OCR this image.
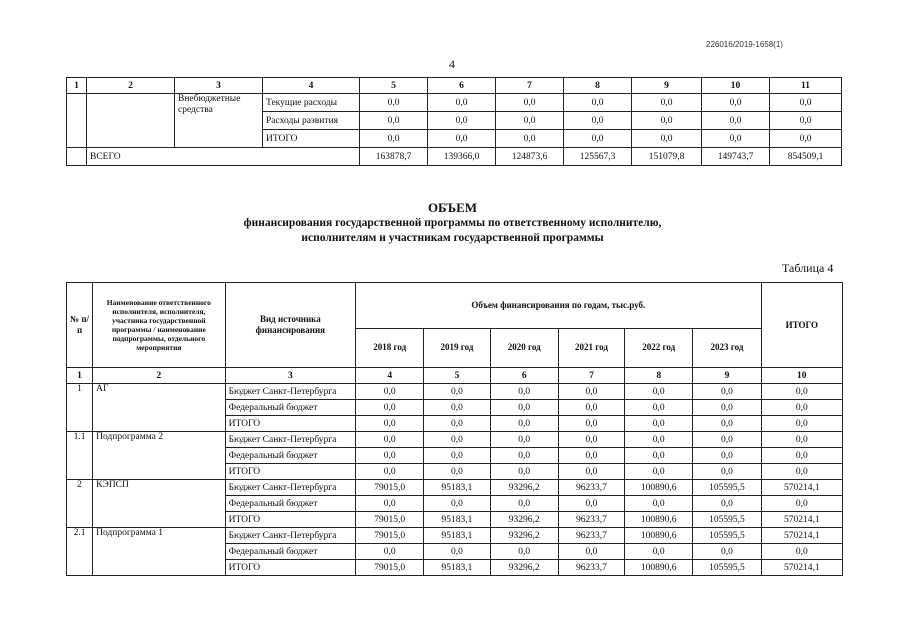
226016/2019-1658(1)
4
1	2	3	4	5	6	7	8	9	10	11
		Внебюджетные средства	Текущие расходы	0,0	0,0	0,0	0,0	0,0	0,0	0,0
			Расходы развития	0,0	0,0	0,0	0,0	0,0	0,0	0,0
			ИТОГО	0,0	0,0	0,0	0,0	0,0	0,0	0,0
	ВСЕГО			163878,7	139366,0	124873,6	125567,3	151079,8	149743,7	854509,1
ОБЪЕМ
финансирования государственной программы по ответственному исполнителю,
исполнителям и участникам государственной программы
Таблица 4
№ п/п	Наименование ответственного исполнителя, исполнителя, участника государственной программы / наименование подпрограммы, отдельного мероприятия	Вид источника финансирования	Объем финансирования по годам, тыс.руб.						ИТОГО
			2018 год	2019 год	2020 год	2021 год	2022 год	2023 год	
1	2	3	4	5	6	7	8	9	10
1	АГ	Бюджет Санкт-Петербурга	0,0	0,0	0,0	0,0	0,0	0,0	0,0
		Федеральный бюджет	0,0	0,0	0,0	0,0	0,0	0,0	0,0
		ИТОГО	0,0	0,0	0,0	0,0	0,0	0,0	0,0
1.1	Подпрограмма 2	Бюджет Санкт-Петербурга	0,0	0,0	0,0	0,0	0,0	0,0	0,0
		Федеральный бюджет	0,0	0,0	0,0	0,0	0,0	0,0	0,0
		ИТОГО	0,0	0,0	0,0	0,0	0,0	0,0	0,0
2	КЭПСП	Бюджет Санкт-Петербурга	79015,0	95183,1	93296,2	96233,7	100890,6	105595,5	570214,1
		Федеральный бюджет	0,0	0,0	0,0	0,0	0,0	0,0	0,0
		ИТОГО	79015,0	95183,1	93296,2	96233,7	100890,6	105595,5	570214,1
2.1	Подпрограмма 1	Бюджет Санкт-Петербурга	79015,0	95183,1	93296,2	96233,7	100890,6	105595,5	570214,1
		Федеральный бюджет	0,0	0,0	0,0	0,0	0,0	0,0	0,0
		ИТОГО	79015,0	95183,1	93296,2	96233,7	100890,6	105595,5	570214,1
